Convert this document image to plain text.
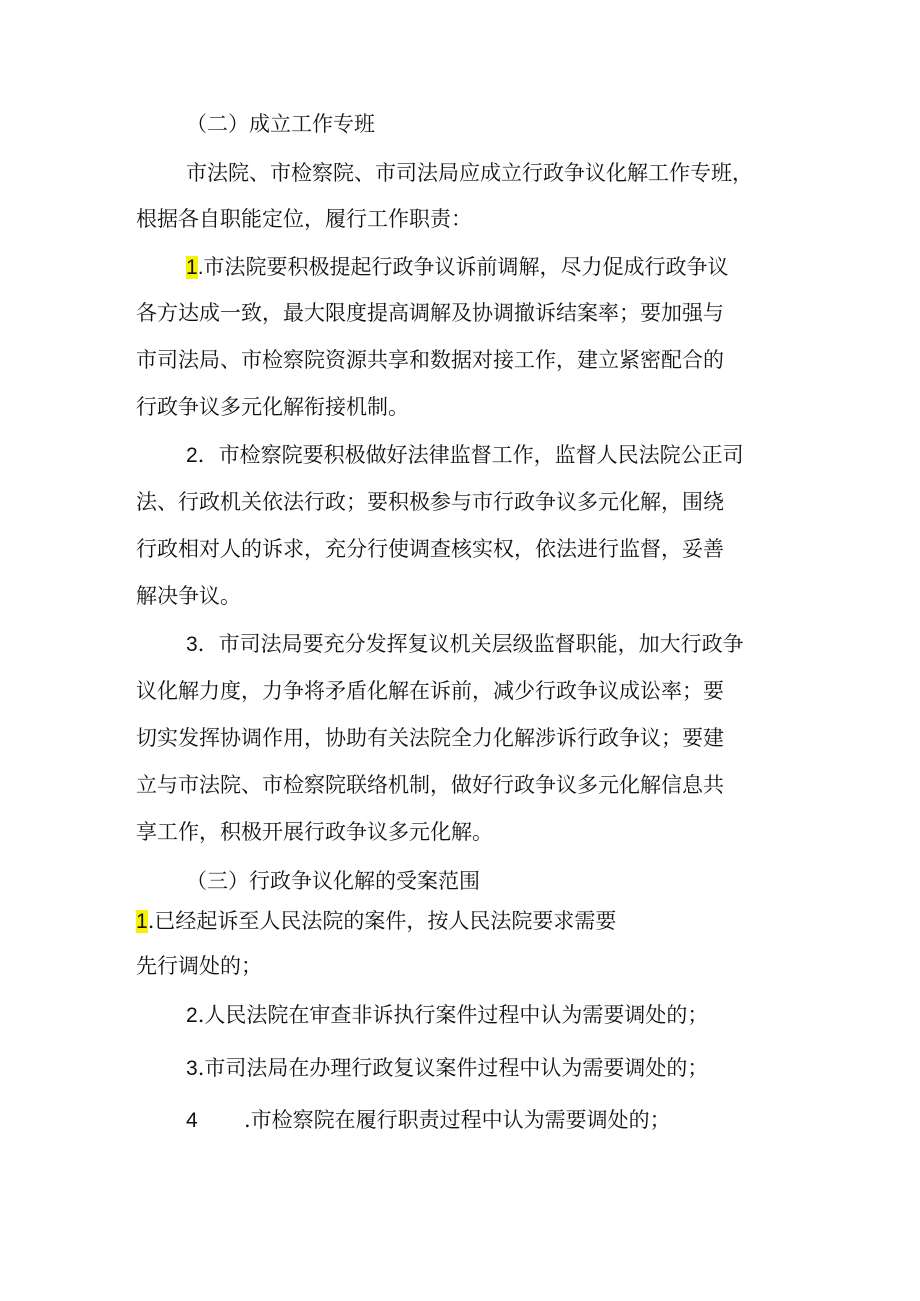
（二）成立工作专班

市法院、市检察院、市司法局应成立行政争议化解工作专班，

根据各自职能定位，履行工作职责：

1.市法院要积极提起行政争议诉前调解，尽力促成行政争议

各方达成一致，最大限度提高调解及协调撤诉结案率；要加强与

市司法局、市检察院资源共享和数据对接工作，建立紧密配合的

行政争议多元化解衔接机制。

2．市检察院要积极做好法律监督工作，监督人民法院公正司

法、行政机关依法行政；要积极参与市行政争议多元化解，围绕

行政相对人的诉求，充分行使调查核实权，依法进行监督，妥善

解决争议。

3．市司法局要充分发挥复议机关层级监督职能，加大行政争

议化解力度，力争将矛盾化解在诉前，减少行政争议成讼率；要

切实发挥协调作用，协助有关法院全力化解涉诉行政争议；要建

立与市法院、市检察院联络机制，做好行政争议多元化解信息共

享工作，积极开展行政争议多元化解。

（三）行政争议化解的受案范围

1.已经起诉至人民法院的案件，按人民法院要求需要

先行调处的；

2.人民法院在审查非诉执行案件过程中认为需要调处的；

3.市司法局在办理行政复议案件过程中认为需要调处的；

4 .市检察院在履行职责过程中认为需要调处的；
